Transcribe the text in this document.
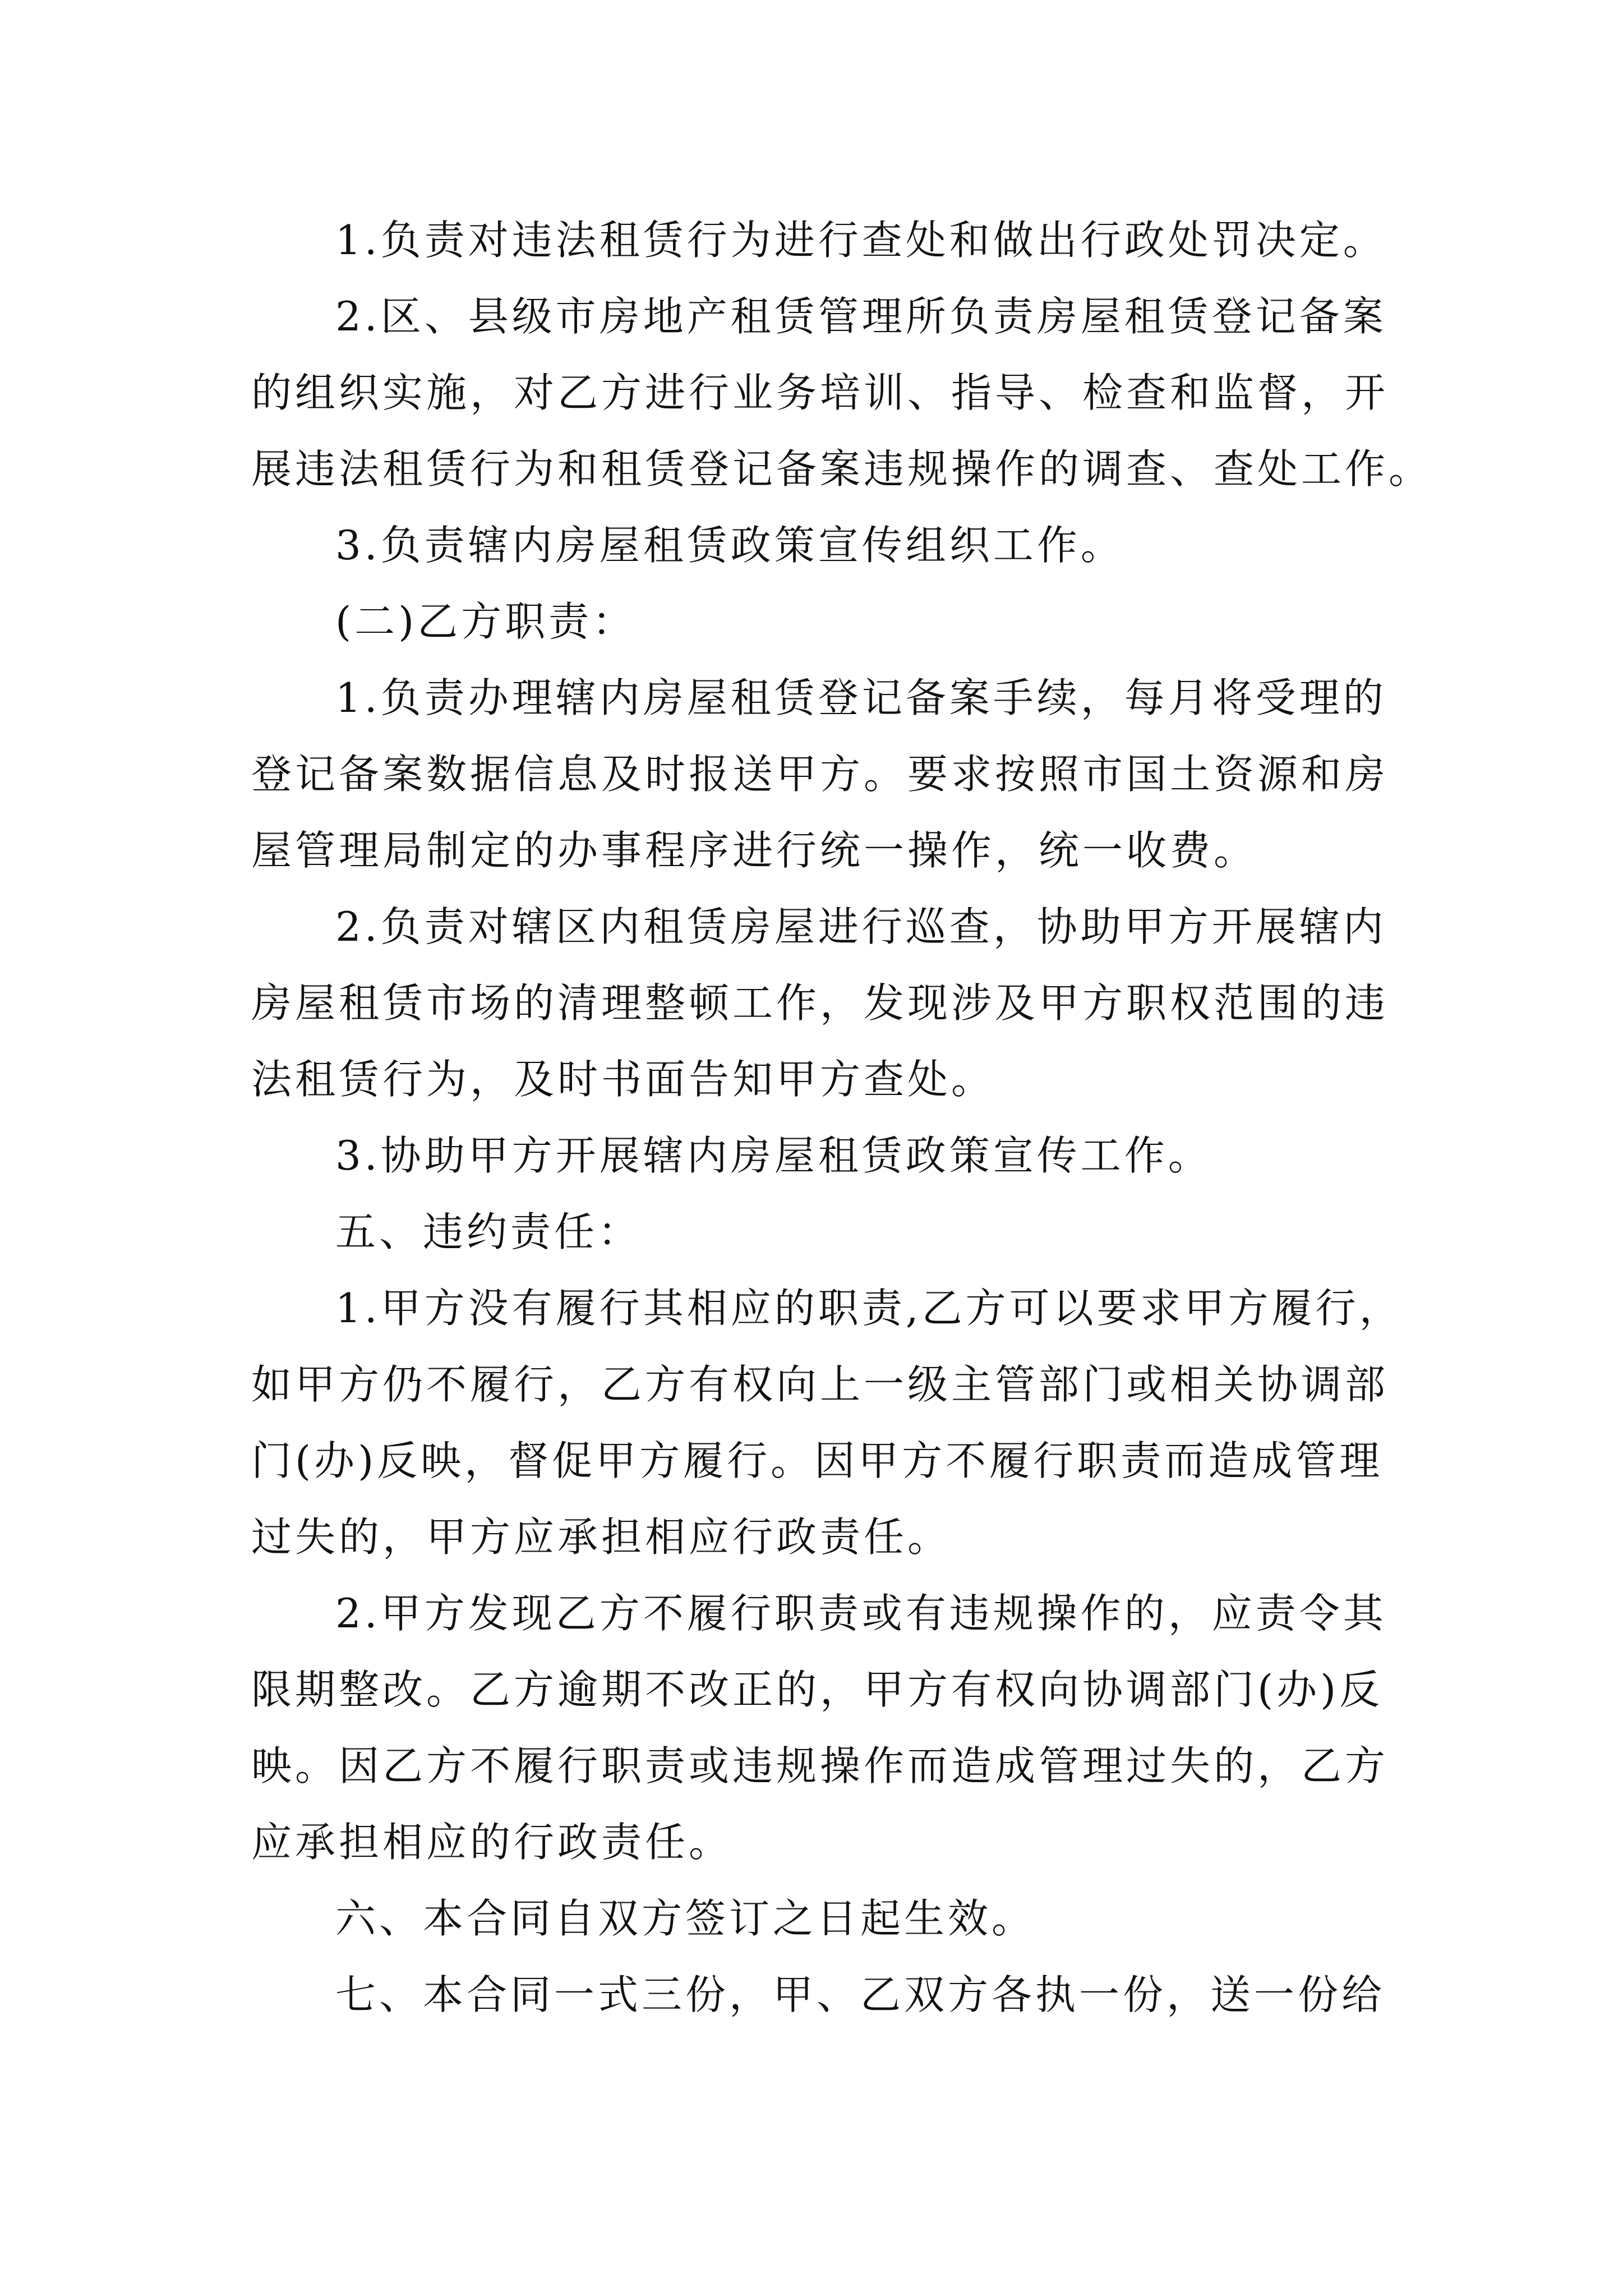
1.负责对违法租赁行为进行查处和做出行政处罚决定。
2.区、县级市房地产租赁管理所负责房屋租赁登记备案
的组织实施，对乙方进行业务培训、指导、检查和监督，开
展违法租赁行为和租赁登记备案违规操作的调查、查处工作。
3.负责辖内房屋租赁政策宣传组织工作。
(二)乙方职责：
1.负责办理辖内房屋租赁登记备案手续，每月将受理的
登记备案数据信息及时报送甲方。要求按照市国土资源和房
屋管理局制定的办事程序进行统一操作，统一收费。
2.负责对辖区内租赁房屋进行巡查，协助甲方开展辖内
房屋租赁市场的清理整顿工作，发现涉及甲方职权范围的违
法租赁行为，及时书面告知甲方查处。
3.协助甲方开展辖内房屋租赁政策宣传工作。
五、违约责任：
1.甲方没有履行其相应的职责,乙方可以要求甲方履行，
如甲方仍不履行，乙方有权向上一级主管部门或相关协调部
门(办)反映，督促甲方履行。因甲方不履行职责而造成管理
过失的，甲方应承担相应行政责任。
2.甲方发现乙方不履行职责或有违规操作的，应责令其
限期整改。乙方逾期不改正的，甲方有权向协调部门(办)反
映。因乙方不履行职责或违规操作而造成管理过失的，乙方
应承担相应的行政责任。
六、本合同自双方签订之日起生效。
七、本合同一式三份，甲、乙双方各执一份，送一份给
